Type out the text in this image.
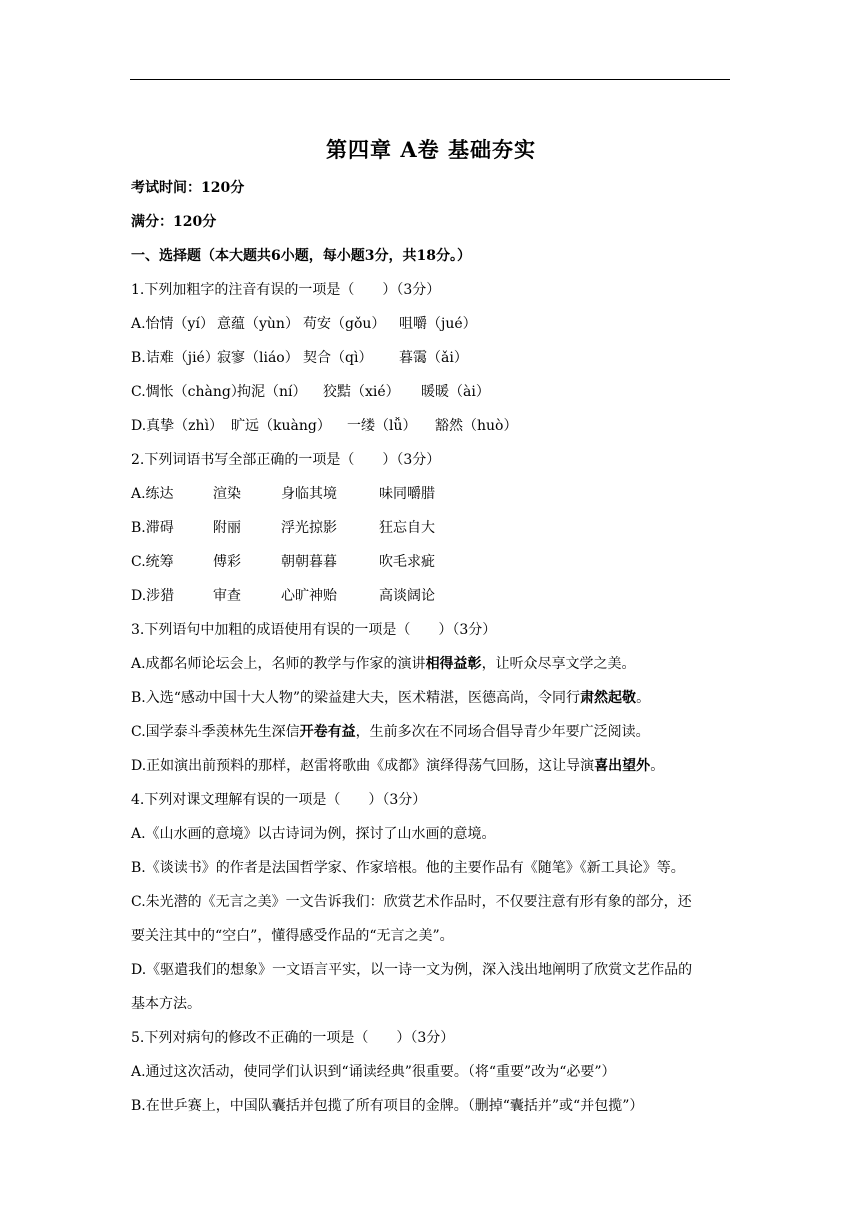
第四章 A卷 基础夯实
考试时间：120分
满分：120分
一、选择题（本大题共6小题，每小题3分，共18分。）
1.下列加粗字的注音有误的一项是（　　）（3分）
A.怡情（yí） 意蕴（yùn） 苟安（gǒu） 咀嚼（jué）
B.诘难（jié）寂寥（liáo） 契合（qì） 暮霭（ǎi）
C.惆怅（chàng）拘泥（ní） 狡黠（xié） 暖暖（ài）
D.真挚（zhì） 旷远（kuàng） 一缕（lǚ） 豁然（huò）
2.下列词语书写全部正确的一项是（　　）（3分）
A.练达	渲染	身临其境	味同嚼腊
B.滞碍	附丽	浮光掠影	狂忘自大
C.统筹	傅彩	朝朝暮暮	吹毛求疵
D.涉猎	审查	心旷神贻	高谈阔论
3.下列语句中加粗的成语使用有误的一项是（　　）（3分）
A.成都名师论坛会上，名师的教学与作家的演讲相得益彰，让听众尽享文学之美。
B.入选“感动中国十大人物”的梁益建大夫，医术精湛，医德高尚，令同行肃然起敬。
C.国学泰斗季羡林先生深信开卷有益，生前多次在不同场合倡导青少年要广泛阅读。
D.正如演出前预料的那样，赵雷将歌曲《成都》演绎得荡气回肠，这让导演喜出望外。
4.下列对课文理解有误的一项是（　　）（3分）
A.《山水画的意境》以古诗词为例，探讨了山水画的意境。
B.《谈读书》的作者是法国哲学家、作家培根。他的主要作品有《随笔》《新工具论》等。
C.朱光潜的《无言之美》一文告诉我们：欣赏艺术作品时，不仅要注意有形有象的部分，还
要关注其中的“空白”，懂得感受作品的“无言之美”。
D.《驱遣我们的想象》一文语言平实，以一诗一文为例，深入浅出地阐明了欣赏文艺作品的
基本方法。
5.下列对病句的修改不正确的一项是（　　）（3分）
A.通过这次活动，使同学们认识到“诵读经典”很重要。（将“重要”改为“必要”）
B.在世乒赛上，中国队囊括并包揽了所有项目的金牌。（删掉“囊括并”或“并包揽”）
